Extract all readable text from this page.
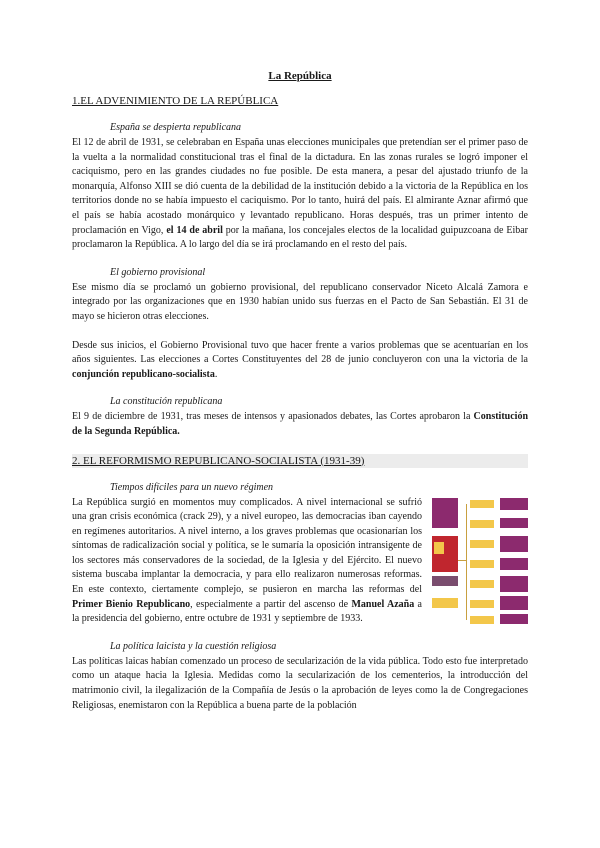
La República

1.EL ADVENIMIENTO DE LA REPÚBLICA

España se despierta republicana

El 12 de abril de 1931, se celebraban en España unas elecciones municipales que pretendían ser el primer paso de la vuelta a la normalidad constitucional tras el final de la dictadura. En las zonas rurales se logró imponer el caciquismo, pero en las grandes ciudades no fue posible. De esta manera, a pesar del ajustado triunfo de la monarquía, Alfonso XIII se dió cuenta de la debilidad de la institución debido a la victoria de la República en los territorios donde no se había impuesto el caciquismo. Por lo tanto, huirá del país. El almirante Aznar afirmó que el país se había acostado monárquico y levantado republicano. Horas después, tras un primer intento de proclamación en Vigo, el 14 de abril por la mañana, los concejales electos de la localidad guipuzcoana de Eibar proclamaron la República. A lo largo del día se irá proclamando en el resto del país.

El gobierno provisional

Ese mismo día se proclamó un gobierno provisional, del republicano conservador Niceto Alcalá Zamora e integrado por las organizaciones que en 1930 habían unido sus fuerzas en el Pacto de San Sebastián. El 31 de mayo se hicieron otras elecciones.

Desde sus inicios, el Gobierno Provisional tuvo que hacer frente a varios problemas que se acentuarían en los años siguientes. Las elecciones a Cortes Constituyentes del 28 de junio concluyeron con una la victoria de la conjunción republicano-socialista.

La constitución republicana

El 9 de diciembre de 1931, tras meses de intensos y apasionados debates, las Cortes aprobaron la Constitución de la Segunda República.

2. EL REFORMISMO REPUBLICANO-SOCIALISTA (1931-39)

Tiempos difíciles para un nuevo régimen

La República surgió en momentos muy complicados. A nivel internacional se sufrió una gran crisis económica (crack 29), y a nivel europeo, las democracias iban cayendo en regímenes autoritarios. A nivel interno, a los graves problemas que ocasionarían los síntomas de radicalización social y política, se le sumaría la oposición intransigente de los sectores más conservadores de la sociedad, de la Iglesia y del Ejército. El nuevo sistema buscaba implantar la democracia, y para ello realizaron numerosas reformas. En este contexto, ciertamente complejo, se pusieron en marcha las reformas del Primer Bienio Republicano, especialmente a partir del ascenso de Manuel Azaña a la presidencia del gobierno, entre octubre de 1931 y septiembre de 1933.

La política laicista y la cuestión religiosa

Las políticas laicas habían comenzado un proceso de secularización de la vida pública. Todo esto fue interpretado como un ataque hacia la Iglesia. Medidas como la secularización de los cementerios, la introducción del matrimonio civil, la ilegalización de la Compañía de Jesús o la aprobación de leyes como la de Congregaciones Religiosas, enemistaron con la República a buena parte de la población
